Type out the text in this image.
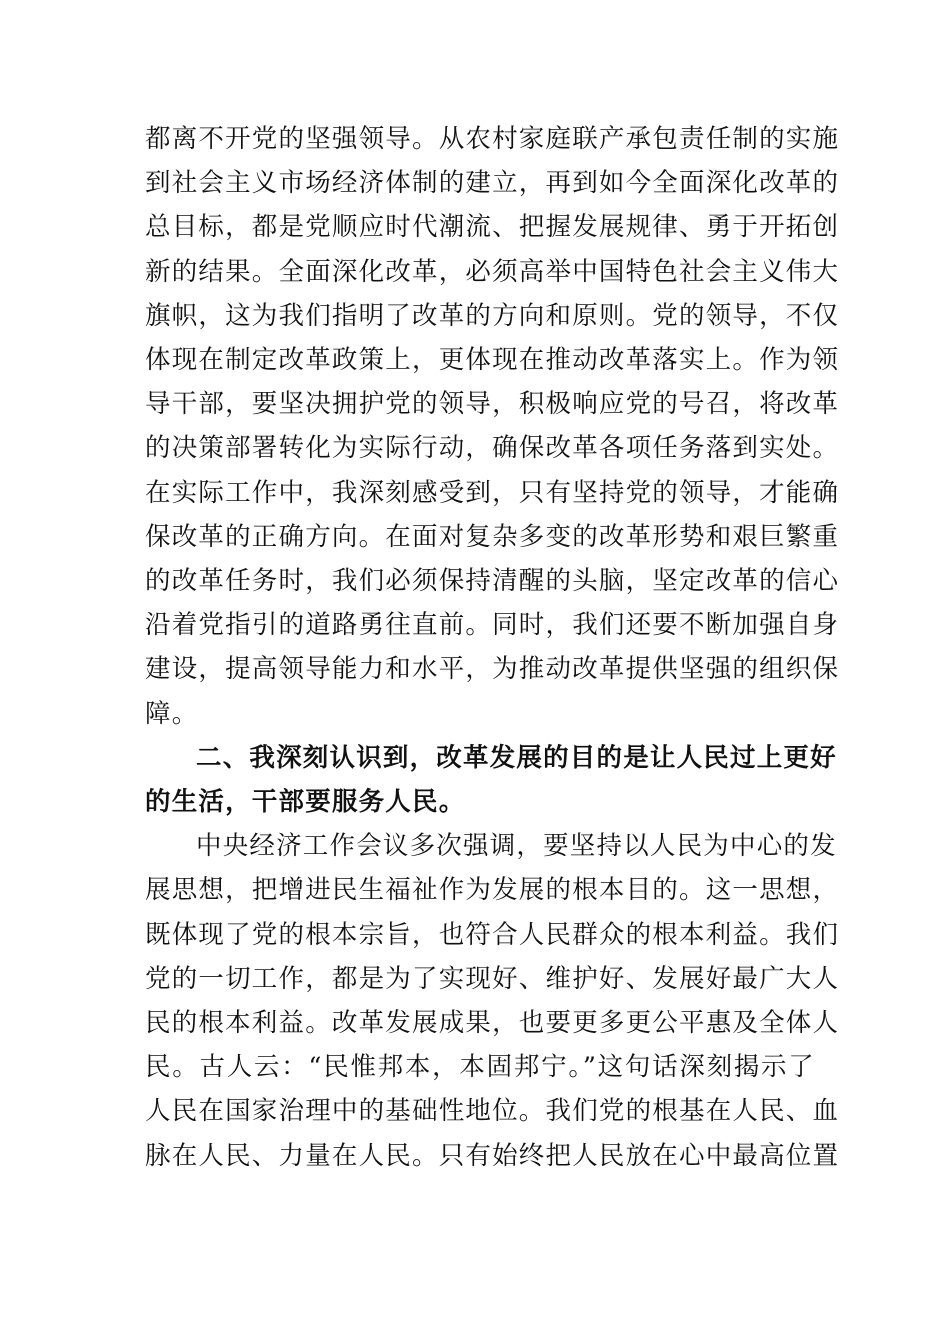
都离不开党的坚强领导。从农村家庭联产承包责任制的实施
到社会主义市场经济体制的建立，再到如今全面深化改革的
总目标，都是党顺应时代潮流、把握发展规律、勇于开拓创
新的结果。全面深化改革，必须高举中国特色社会主义伟大
旗帜，这为我们指明了改革的方向和原则。党的领导，不仅
体现在制定改革政策上，更体现在推动改革落实上。作为领
导干部，要坚决拥护党的领导，积极响应党的号召，将改革
的决策部署转化为实际行动，确保改革各项任务落到实处。
在实际工作中，我深刻感受到，只有坚持党的领导，才能确
保改革的正确方向。在面对复杂多变的改革形势和艰巨繁重
的改革任务时，我们必须保持清醒的头脑，坚定改革的信心
沿着党指引的道路勇往直前。同时，我们还要不断加强自身
建设，提高领导能力和水平，为推动改革提供坚强的组织保
障。

二、我深刻认识到，改革发展的目的是让人民过上更好
的生活，干部要服务人民。

中央经济工作会议多次强调，要坚持以人民为中心的发
展思想，把增进民生福祉作为发展的根本目的。这一思想，
既体现了党的根本宗旨，也符合人民群众的根本利益。我们
党的一切工作，都是为了实现好、维护好、发展好最广大人
民的根本利益。改革发展成果，也要更多更公平惠及全体人
民。古人云：“民惟邦本，本固邦宁。”这句话深刻揭示了
人民在国家治理中的基础性地位。我们党的根基在人民、血
脉在人民、力量在人民。只有始终把人民放在心中最高位置
